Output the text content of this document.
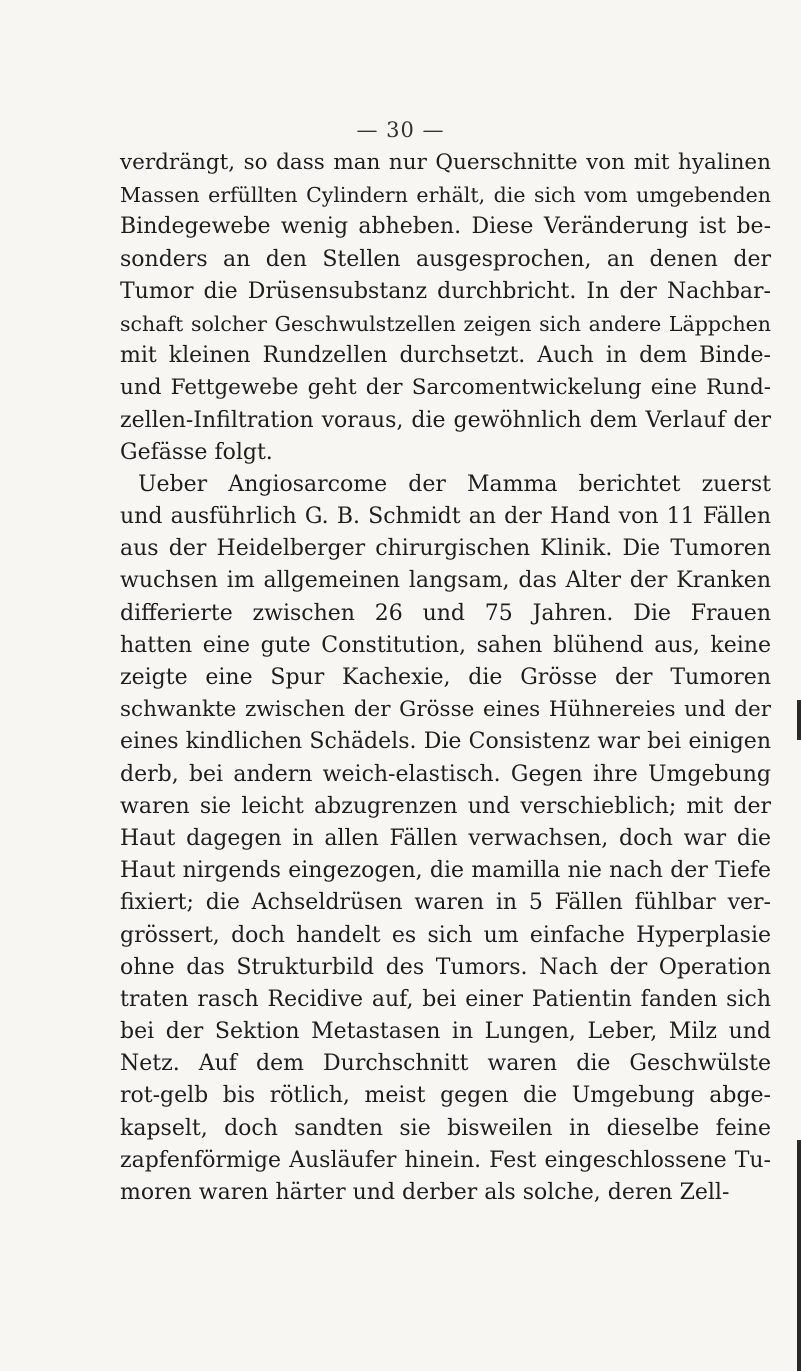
— 30 —
verdrängt, so dass man nur Querschnitte von mit hyalinen
Massen erfüllten Cylindern erhält, die sich vom umgebenden
Bindegewebe wenig abheben. Diese Veränderung ist be-
sonders an den Stellen ausgesprochen, an denen der
Tumor die Drüsensubstanz durchbricht. In der Nachbar-
schaft solcher Geschwulstzellen zeigen sich andere Läppchen
mit kleinen Rundzellen durchsetzt. Auch in dem Binde-
und Fettgewebe geht der Sarcomentwickelung eine Rund-
zellen-Infiltration voraus, die gewöhnlich dem Verlauf der
Gefässe folgt.
Ueber Angiosarcome der Mamma berichtet zuerst
und ausführlich G. B. Schmidt an der Hand von 11 Fällen
aus der Heidelberger chirurgischen Klinik. Die Tumoren
wuchsen im allgemeinen langsam, das Alter der Kranken
differierte zwischen 26 und 75 Jahren. Die Frauen
hatten eine gute Constitution, sahen blühend aus, keine
zeigte eine Spur Kachexie, die Grösse der Tumoren
schwankte zwischen der Grösse eines Hühnereies und der
eines kindlichen Schädels. Die Consistenz war bei einigen
derb, bei andern weich-elastisch. Gegen ihre Umgebung
waren sie leicht abzugrenzen und verschieblich; mit der
Haut dagegen in allen Fällen verwachsen, doch war die
Haut nirgends eingezogen, die mamilla nie nach der Tiefe
fixiert; die Achseldrüsen waren in 5 Fällen fühlbar ver-
grössert, doch handelt es sich um einfache Hyperplasie
ohne das Strukturbild des Tumors. Nach der Operation
traten rasch Recidive auf, bei einer Patientin fanden sich
bei der Sektion Metastasen in Lungen, Leber, Milz und
Netz. Auf dem Durchschnitt waren die Geschwülste
rot-gelb bis rötlich, meist gegen die Umgebung abge-
kapselt, doch sandten sie bisweilen in dieselbe feine
zapfenförmige Ausläufer hinein. Fest eingeschlossene Tu-
moren waren härter und derber als solche, deren Zell-
